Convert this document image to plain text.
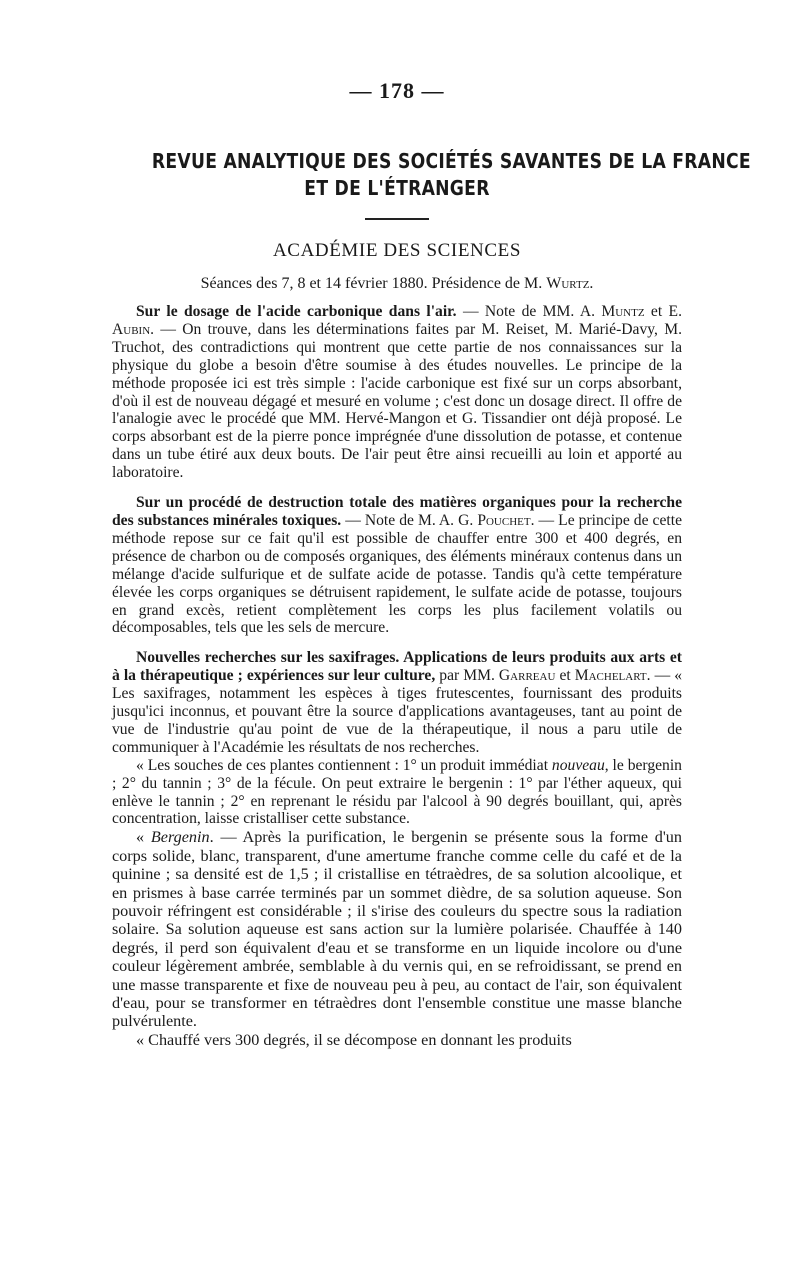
— 178 —
REVUE ANALYTIQUE DES SOCIÉTÉS SAVANTES DE LA FRANCE
ET DE L'ÉTRANGER
ACADÉMIE DES SCIENCES
Séances des 7, 8 et 14 février 1880. Présidence de M. Wurtz.

Sur le dosage de l'acide carbonique dans l'air. — Note de MM. A. Muntz et E. Aubin. — On trouve, dans les déterminations faites par M. Reiset, M. Marié-Davy, M. Truchot, des contradictions qui montrent que cette partie de nos connaissances sur la physique du globe a besoin d'être soumise à des études nouvelles. Le principe de la méthode proposée ici est très simple : l'acide carbonique est fixé sur un corps absorbant, d'où il est de nouveau dégagé et mesuré en volume ; c'est donc un dosage direct. Il offre de l'analogie avec le procédé que MM. Hervé-Mangon et G. Tissandier ont déjà proposé. Le corps absorbant est de la pierre ponce imprégnée d'une dissolution de potasse, et contenue dans un tube étiré aux deux bouts. De l'air peut être ainsi recueilli au loin et apporté au laboratoire.

Sur un procédé de destruction totale des matières organiques pour la recherche des substances minérales toxiques. — Note de M. A. G. Pouchet. — Le principe de cette méthode repose sur ce fait qu'il est possible de chauffer entre 300 et 400 degrés, en présence de charbon ou de composés organiques, des éléments minéraux contenus dans un mélange d'acide sulfurique et de sulfate acide de potasse. Tandis qu'à cette température élevée les corps organiques se détruisent rapidement, le sulfate acide de potasse, toujours en grand excès, retient complètement les corps les plus facilement volatils ou décomposables, tels que les sels de mercure.

Nouvelles recherches sur les saxifrages. Applications de leurs produits aux arts et à la thérapeutique ; expériences sur leur culture, par MM. Garreau et Machelart. — « Les saxifrages, notamment les espèces à tiges frutescentes, fournissant des produits jusqu'ici inconnus, et pouvant être la source d'applications avantageuses, tant au point de vue de l'industrie qu'au point de vue de la thérapeutique, il nous a paru utile de communiquer à l'Académie les résultats de nos recherches.

« Les souches de ces plantes contiennent : 1° un produit immédiat nouveau, le bergenin ; 2° du tannin ; 3° de la fécule. On peut extraire le bergenin : 1° par l'éther aqueux, qui enlève le tannin ; 2° en reprenant le résidu par l'alcool à 90 degrés bouillant, qui, après concentration, laisse cristalliser cette substance.

« Bergenin. — Après la purification, le bergenin se présente sous la forme d'un corps solide, blanc, transparent, d'une amertume franche comme celle du café et de la quinine ; sa densité est de 1,5 ; il cristallise en tétraèdres, de sa solution alcoolique, et en prismes à base carrée terminés par un sommet dièdre, de sa solution aqueuse. Son pouvoir réfringent est considérable ; il s'irise des couleurs du spectre sous la radiation solaire. Sa solution aqueuse est sans action sur la lumière polarisée. Chauffée à 140 degrés, il perd son équivalent d'eau et se transforme en un liquide incolore ou d'une couleur légèrement ambrée, semblable à du vernis qui, en se refroidissant, se prend en une masse transparente et fixe de nouveau peu à peu, au contact de l'air, son équivalent d'eau, pour se transformer en tétraèdres dont l'ensemble constitue une masse blanche pulvérulente.

« Chauffé vers 300 degrés, il se décompose en donnant les produits
